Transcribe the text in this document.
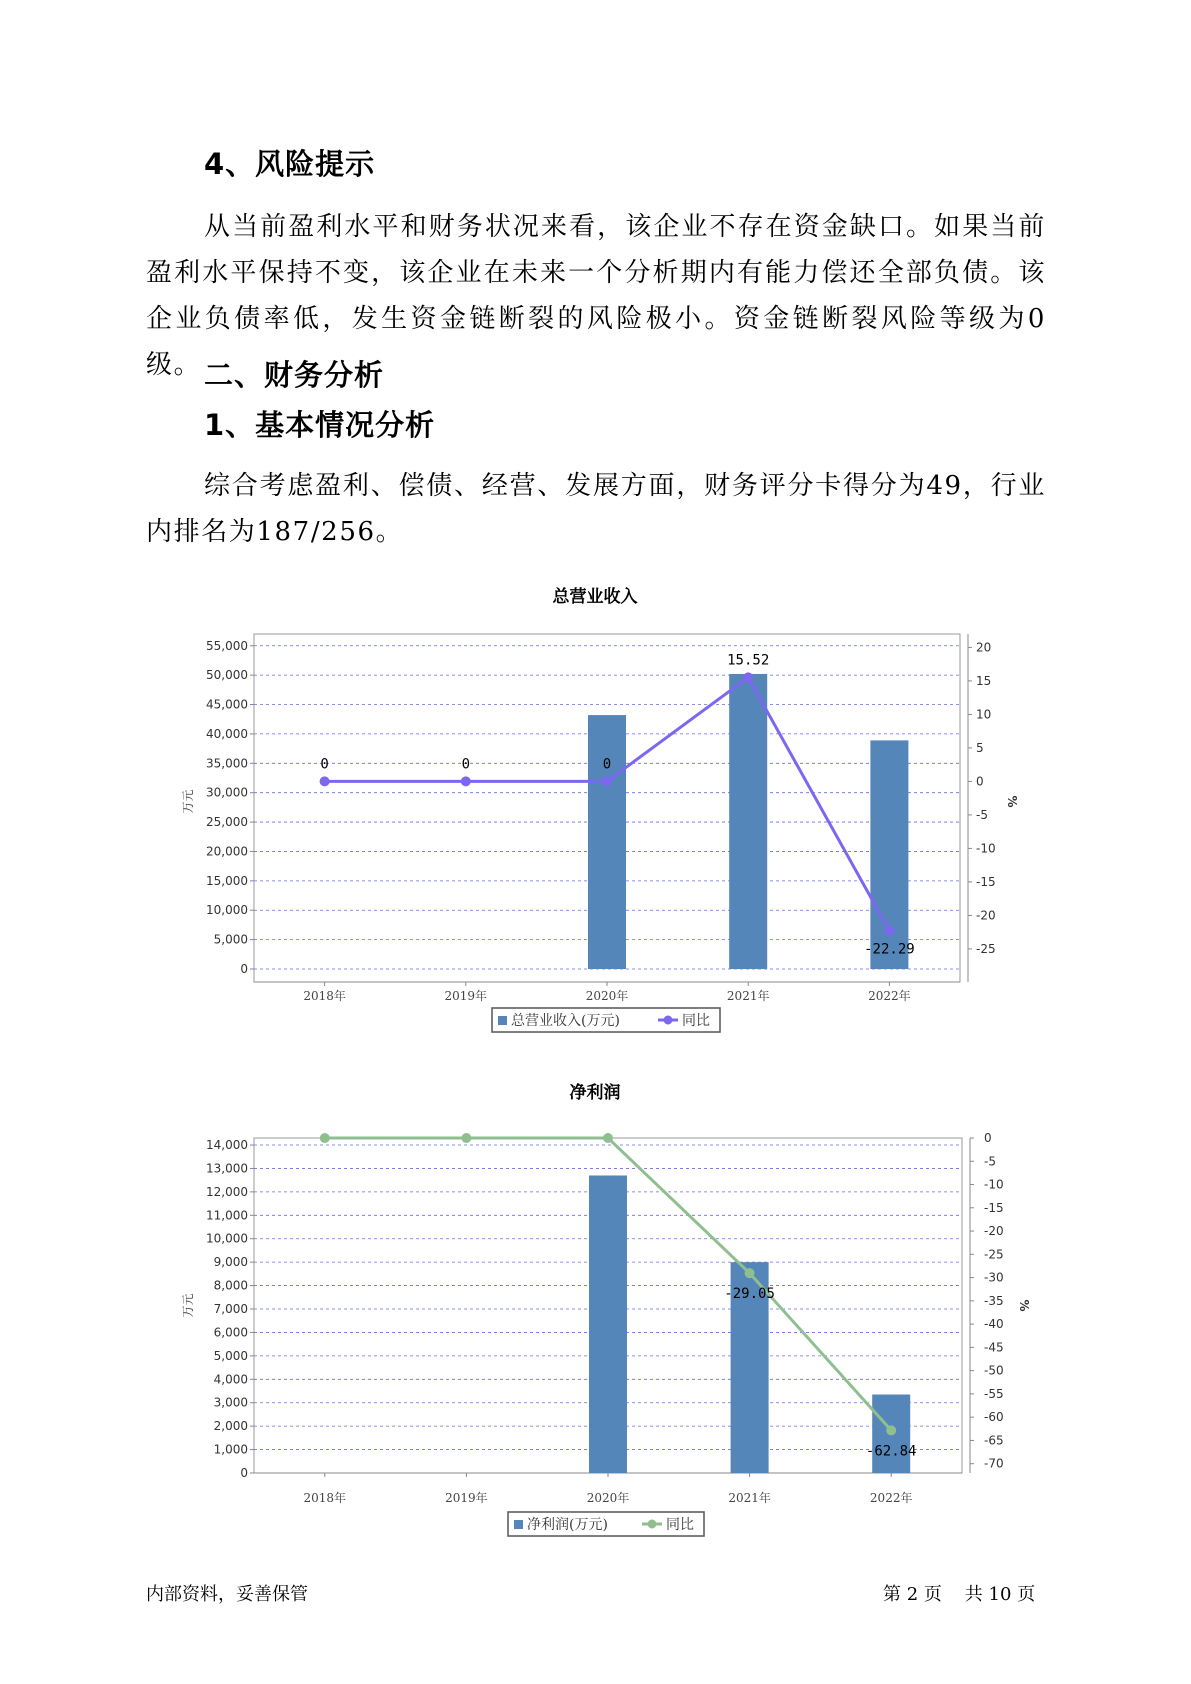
4、风险提示

从当前盈利水平和财务状况来看，该企业不存在资金缺口。如果当前盈利水平保持不变，该企业在未来一个分析期内有能力偿还全部负债。该企业负债率低，发生资金链断裂的风险极小。资金链断裂风险等级为0级。 二、财务分析
1、基本情况分析

综合考虑盈利、偿债、经营、发展方面，财务评分卡得分为49，行业内排名为187/256。

总营业收入
0
5,000
10,000
15,000
20,000
25,000
30,000
35,000
40,000
45,000
50,000
55,000	20
15
10
5
0
-5
-10
-15
-20
-25
万元	%
2018年	2019年	2020年	2021年	2022年
0	0	0
15.52
-22.29
总营业收入(万元)	同比
净利润
0
1,000
2,000
3,000
4,000
5,000
6,000
7,000
8,000
9,000
10,000
11,000
12,000
13,000
14,000
0
-5
-10
-15
-20
-25
-30
-35
-40
-45
-50
-55
-60
-65
-70
万元	%
2018年	2019年	2020年	2021年	2022年
-29.05
-62.84
净利润(万元)	同比
内部资料，妥善保管	第 2 页    共 10 页
